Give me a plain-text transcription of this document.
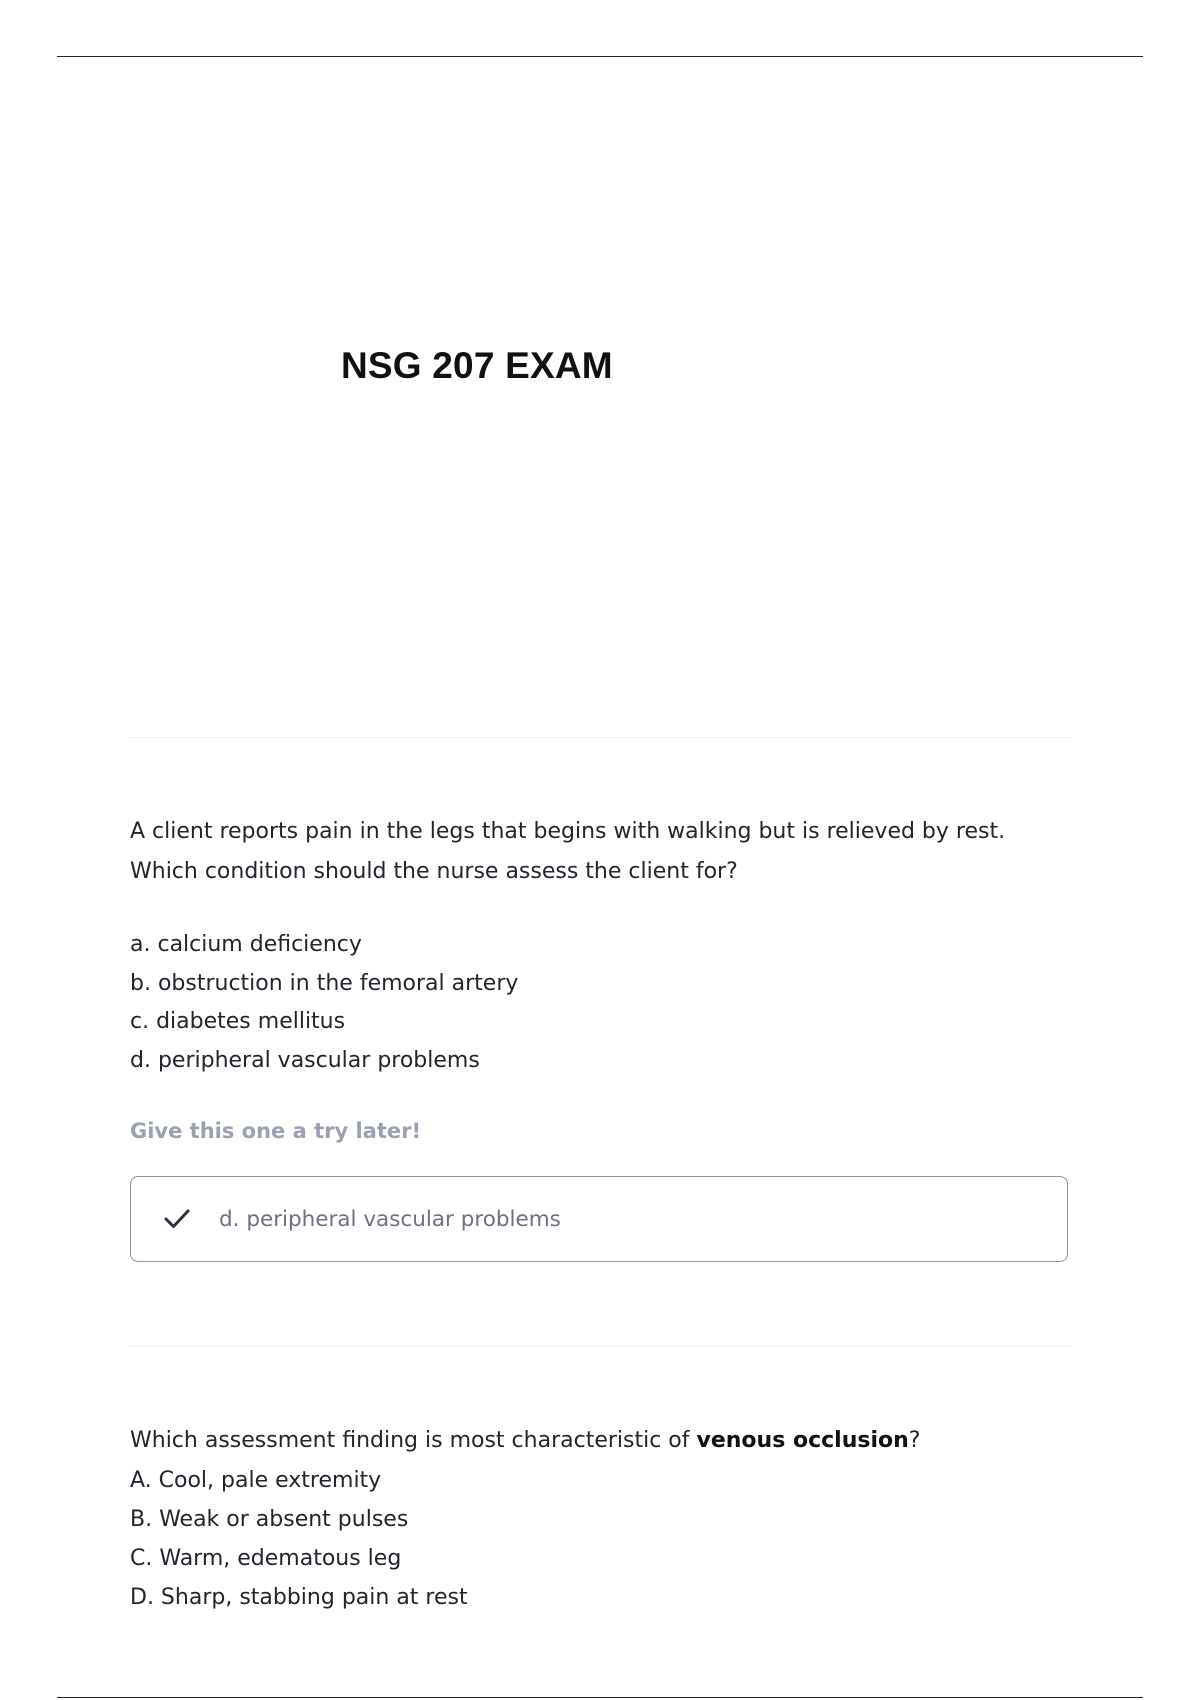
NSG 207 EXAM

A client reports pain in the legs that begins with walking but is relieved by rest. Which condition should the nurse assess the client for?

a. calcium deficiency
b. obstruction in the femoral artery
c. diabetes mellitus
d. peripheral vascular problems
Give this one a try later!
d. peripheral vascular problems

Which assessment finding is most characteristic of venous occlusion?

A. Cool, pale extremity
B. Weak or absent pulses
C. Warm, edematous leg
D. Sharp, stabbing pain at rest
